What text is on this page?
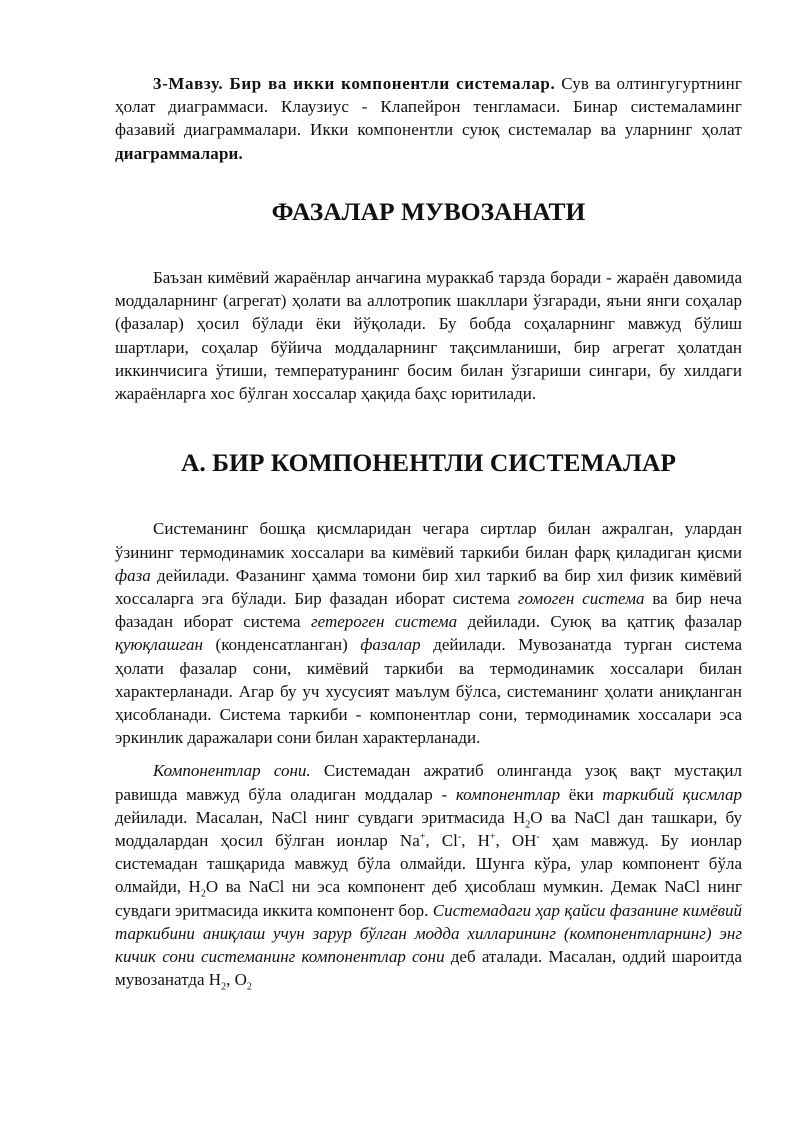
3-Мавзу. Бир ва икки компонентли системалар. Сув ва олтингугуртнинг ҳолат диаграммаси. Клаузиус - Клапейрон тенгламаси. Бинар системаламинг фазавий диаграммалари. Икки компонентли суюқ системалар ва уларнинг ҳолат диаграммалари.

ФАЗАЛАР МУВОЗАНАТИ

Баъзан кимёвий жараёнлар анчагина мураккаб тарзда боради - жараён давомида моддаларнинг (агрегат) ҳолати ва аллотропик шакллари ўзгаради, яъни янги соҳалар (фазалар) ҳосил бўлади ёки йўқолади. Бу бобда соҳаларнинг мавжуд бўлиш шартлари, соҳалар бўйича моддаларнинг тақсимланиши, бир агрегат ҳолатдан иккинчисига ўтиши, температуранинг босим билан ўзгариши сингари, бу хилдаги жараёнларга хос бўлган хоссалар ҳақида баҳс юритилади.

А. БИР КОМПОНЕНТЛИ СИСТЕМАЛАР

Системанинг бошқа қисмларидан чегара сиртлар билан ажралган, улардан ўзининг термодинамик хоссалари ва кимёвий таркиби билан фарқ қиладиган қисми фаза дейилади. Фазанинг ҳамма томони бир хил таркиб ва бир хил физик кимёвий хоссаларга эга бўлади. Бир фазадан иборат система гомоген система ва бир неча фазадан иборат система гетероген система дейилади. Суюқ ва қатгиқ фазалар қуюқлашган (конденсатланган) фазалар дейилади. Мувозанатда турган система ҳолати фазалар сони, кимёвий таркиби ва термодинамик хоссалари билан характерланади. Агар бу уч хусусият маълум бўлса, системанинг ҳолати аниқланган ҳисобланади. Система таркиби - компонентлар сони, термодинамик хоссалари эса эркинлик даражалари сони билан характерланади.

Компонентлар сони. Системадан ажратиб олинганда узоқ вақт мустақил равишда мавжуд бўла оладиган моддалар - компонентлар ёки таркибий қисмлар дейилади. Масалан, NaCl нинг сувдаги эритмасида $H_2O$ ва NaCl дан ташкари, бу моддалардан ҳосил бўлган ионлар Na+, Cl-, H+, OH- ҳам мавжуд. Бу ионлар системадан ташқарида мавжуд бўла олмайди. Шунга кўра, улар компонент бўла олмайди, $H_2O$ ва NaCl ни эса компонент деб ҳисоблаш мумкин. Демак NaCl нинг сувдаги эритмасида иккита компонент бор. Системадаги ҳар қайси фазанине кимёвий таркибини аниқлаш учун зарур бўлган модда хилларининг (компонентларнинг) энг кичик сони системанинг компонентлар сони деб аталади. Масалан, оддий шароитда мувозанатда $H_2$, $O_2$
